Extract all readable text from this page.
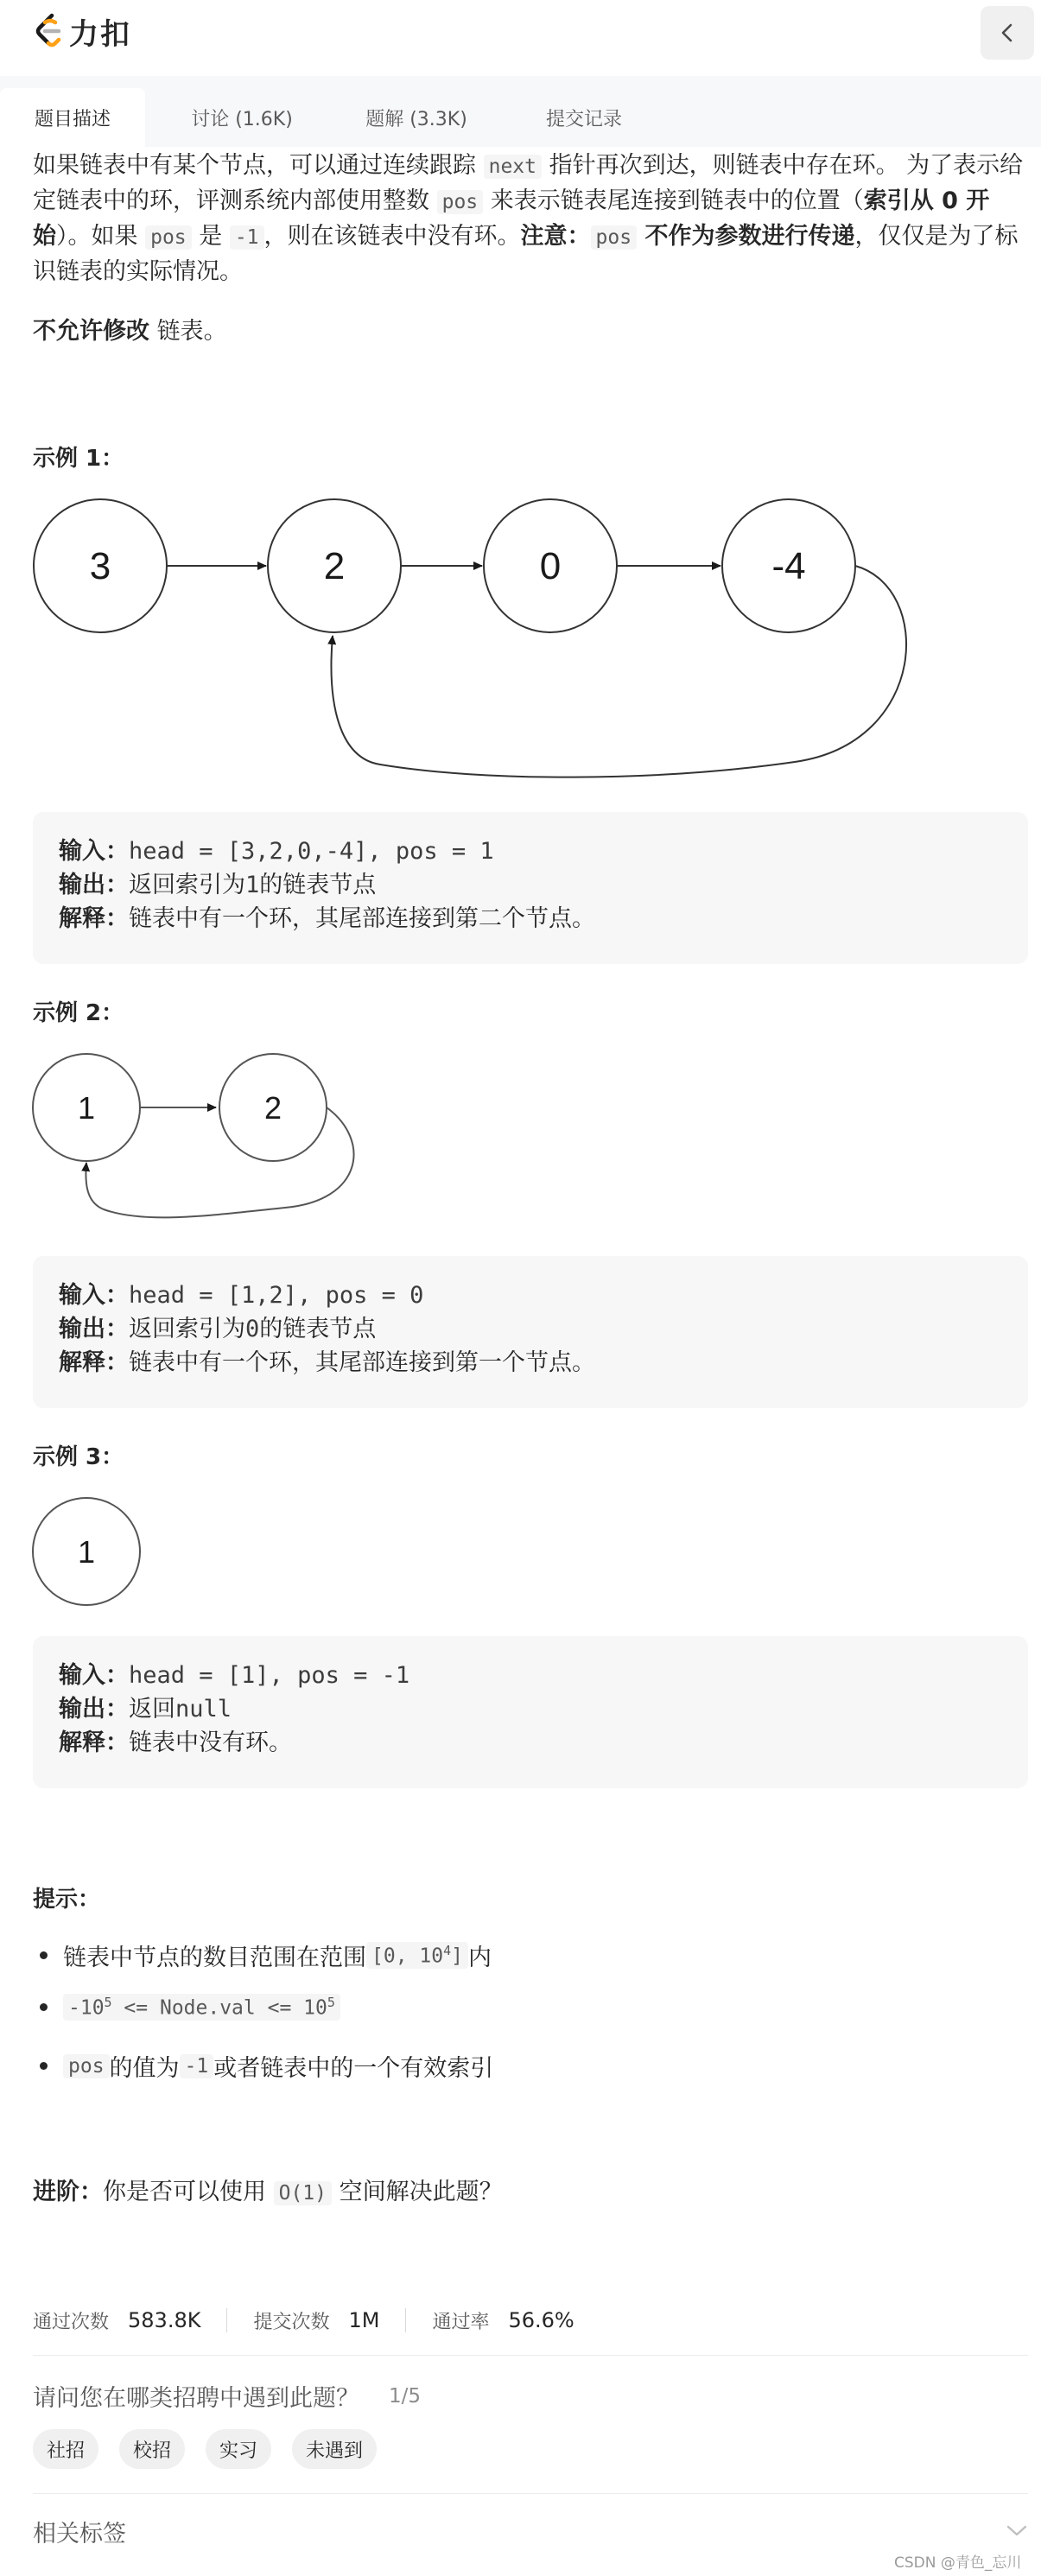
力扣
题目描述	讨论 (1.6K)	题解 (3.3K)	提交记录
如果链表中有某个节点，可以通过连续跟踪 next 指针再次到达，则链表中存在环。 为了表示给
定链表中的环，评测系统内部使用整数 pos 来表示链表尾连接到链表中的位置（索引从 0 开
始）。如果 pos 是 -1 ，则在该链表中没有环。注意： pos 不作为参数进行传递，仅仅是为了标
识链表的实际情况。
不允许修改 链表。
示例 1：
3	2	0	-4
输入： head = [3,2,0,-4], pos = 1
输出： 返回索引为 1 的链表节点
解释： 链表中有一个环，其尾部连接到第二个节点。
示例 2：
1	2
输入： head = [1,2], pos = 0
输出： 返回索引为 0 的链表节点
解释： 链表中有一个环，其尾部连接到第一个节点。
示例 3：
1
输入： head = [1], pos = -1
输出： 返回 null
解释： 链表中没有环。
提示：
链表中节点的数目范围在范围 [0, $10^4$] 内
$-10^5$ <= Node.val <= $10^5$
pos 的值为 -1 或者链表中的一个有效索引
进阶：你是否可以使用 O(1) 空间解决此题？
通过次数 583.8K	提交次数 1M	通过率 56.6%
请问您在哪类招聘中遇到此题？ 1/5
社招	校招	实习	未遇到
相关标签
CSDN @青色_忘川
